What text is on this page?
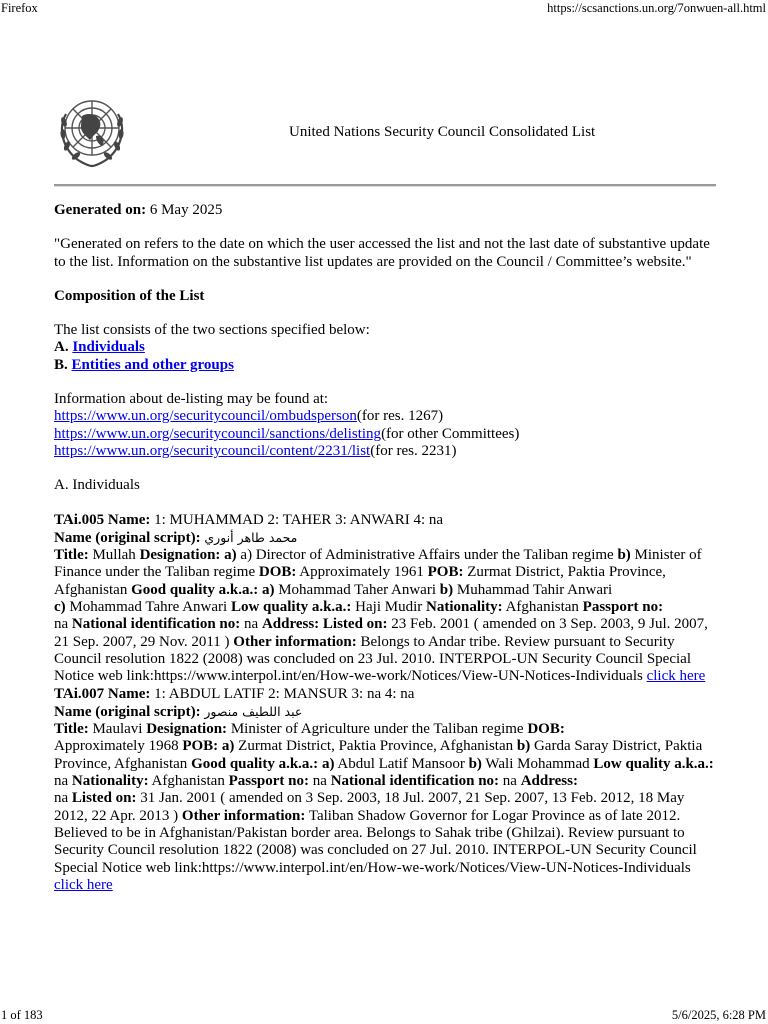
Firefox	https://scsanctions.un.org/7onwuen-all.html
1 of 183	5/6/2025, 6:28 PM
United Nations Security Council Consolidated List

Generated on: 6 May 2025

"Generated on refers to the date on which the user accessed the list and not the last date of substantive update to the list. Information on the substantive list updates are provided on the Council / Committee’s website."

Composition of the List

The list consists of the two sections specified below:

A. Individuals

B. Entities and other groups

Information about de-listing may be found at:

https://www.un.org/securitycouncil/ombudsperson(for res. 1267)

https://www.un.org/securitycouncil/sanctions/delisting(for other Committees)

https://www.un.org/securitycouncil/content/2231/list(for res. 2231)

A. Individuals

TAi.005 Name: 1: MUHAMMAD 2: TAHER 3: ANWARI 4: na
Name (original script): محمد طاهر أنوري
Title: Mullah Designation: a) a) Director of Administrative Affairs under the Taliban regime b) Minister of Finance under the Taliban regime DOB: Approximately 1961 POB: Zurmat District, Paktia Province, Afghanistan Good quality a.k.a.: a) Mohammad Taher Anwari b) Muhammad Tahir Anwari
c) Mohammad Tahre Anwari Low quality a.k.a.: Haji Mudir Nationality: Afghanistan Passport no:
na National identification no: na Address: Listed on: 23 Feb. 2001 ( amended on 3 Sep. 2003, 9 Jul. 2007, 21 Sep. 2007, 29 Nov. 2011 ) Other information: Belongs to Andar tribe. Review pursuant to Security Council resolution 1822 (2008) was concluded on 23 Jul. 2010. INTERPOL-UN Security Council Special Notice web link:https://www.interpol.int/en/How-we-work/Notices/View-UN-Notices-Individuals click here

TAi.007 Name: 1: ABDUL LATIF 2: MANSUR 3: na 4: na
Name (original script): عبد اللطيف منصور
Title: Maulavi Designation: Minister of Agriculture under the Taliban regime DOB:
Approximately 1968 POB: a) Zurmat District, Paktia Province, Afghanistan b) Garda Saray District, Paktia Province, Afghanistan Good quality a.k.a.: a) Abdul Latif Mansoor b) Wali Mohammad Low quality a.k.a.: na Nationality: Afghanistan Passport no: na National identification no: na Address:
na Listed on: 31 Jan. 2001 ( amended on 3 Sep. 2003, 18 Jul. 2007, 21 Sep. 2007, 13 Feb. 2012, 18 May 2012, 22 Apr. 2013 ) Other information: Taliban Shadow Governor for Logar Province as of late 2012. Believed to be in Afghanistan/Pakistan border area. Belongs to Sahak tribe (Ghilzai). Review pursuant to Security Council resolution 1822 (2008) was concluded on 27 Jul. 2010. INTERPOL-UN Security Council Special Notice web link:https://www.interpol.int/en/How-we-work/Notices/View-UN-Notices-Individuals click here
